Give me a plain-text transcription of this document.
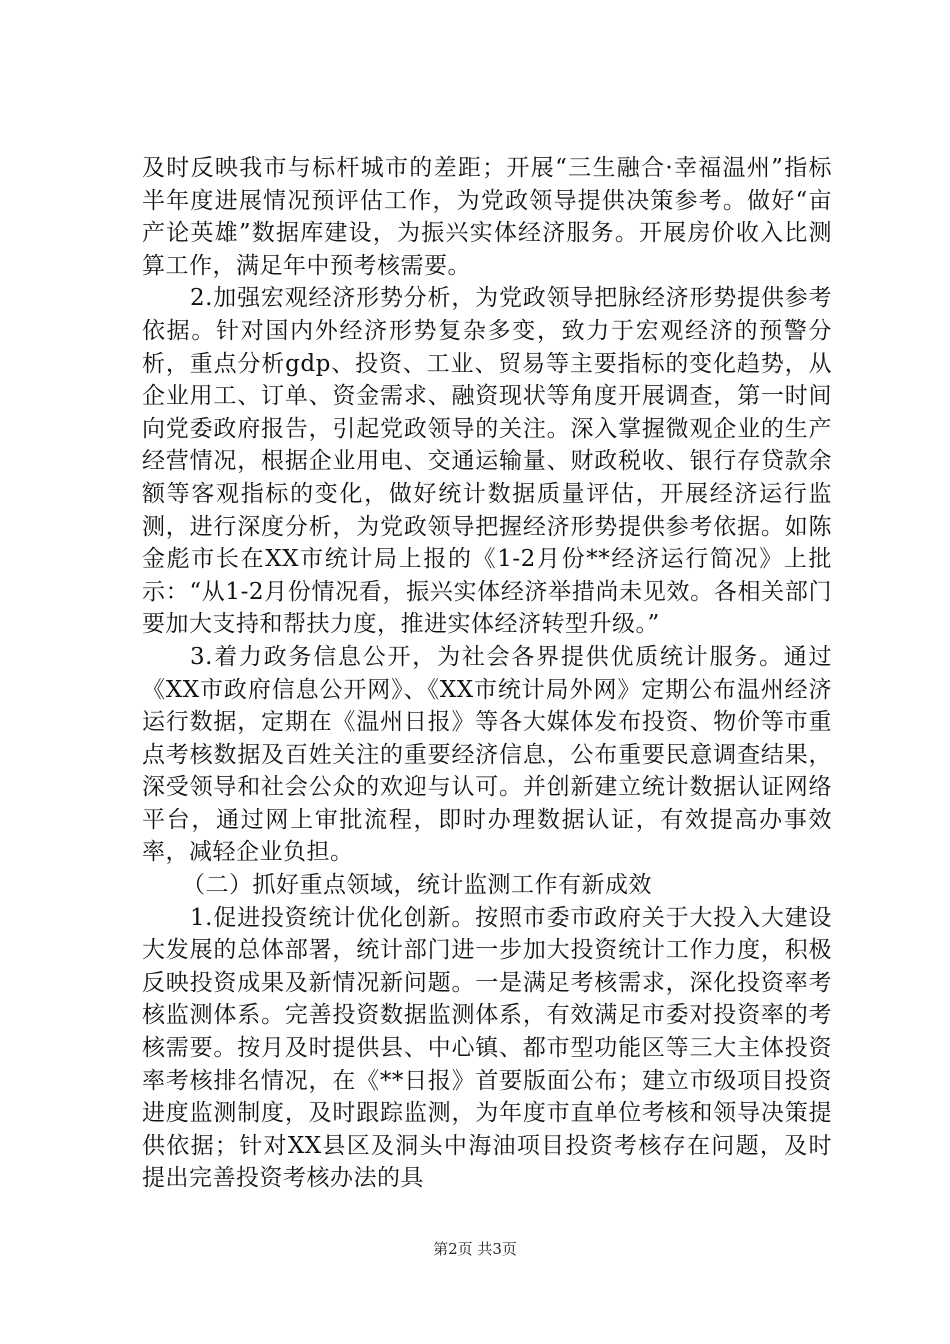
及时反映我市与标杆城市的差距；开展“三生融合·幸福温州”指标半年度进展情况预评估工作，为党政领导提供决策参考。做好“亩产论英雄”数据库建设，为振兴实体经济服务。开展房价收入比测算工作，满足年中预考核需要。

2.加强宏观经济形势分析，为党政领导把脉经济形势提供参考依据。针对国内外经济形势复杂多变，致力于宏观经济的预警分析，重点分析gdp、投资、工业、贸易等主要指标的变化趋势，从企业用工、订单、资金需求、融资现状等角度开展调查，第一时间向党委政府报告，引起党政领导的关注。深入掌握微观企业的生产经营情况，根据企业用电、交通运输量、财政税收、银行存贷款余额等客观指标的变化，做好统计数据质量评估，开展经济运行监测，进行深度分析，为党政领导把握经济形势提供参考依据。如陈金彪市长在XX市统计局上报的《1-2月份**经济运行简况》上批示：“从1-2月份情况看，振兴实体经济举措尚未见效。各相关部门要加大支持和帮扶力度，推进实体经济转型升级。”

3.着力政务信息公开，为社会各界提供优质统计服务。通过《XX市政府信息公开网》、《XX市统计局外网》定期公布温州经济运行数据，定期在《温州日报》等各大媒体发布投资、物价等市重点考核数据及百姓关注的重要经济信息，公布重要民意调查结果，深受领导和社会公众的欢迎与认可。并创新建立统计数据认证网络平台，通过网上审批流程，即时办理数据认证，有效提高办事效率，减轻企业负担。

（二）抓好重点领域，统计监测工作有新成效

1.促进投资统计优化创新。按照市委市政府关于大投入大建设大发展的总体部署，统计部门进一步加大投资统计工作力度，积极反映投资成果及新情况新问题。一是满足考核需求，深化投资率考核监测体系。完善投资数据监测体系，有效满足市委对投资率的考核需要。按月及时提供县、中心镇、都市型功能区等三大主体投资率考核排名情况，在《**日报》首要版面公布；建立市级项目投资进度监测制度，及时跟踪监测，为年度市直单位考核和领导决策提供依据；针对XX县区及洞头中海油项目投资考核存在问题，及时提出完善投资考核办法的具

第2页 共3页
